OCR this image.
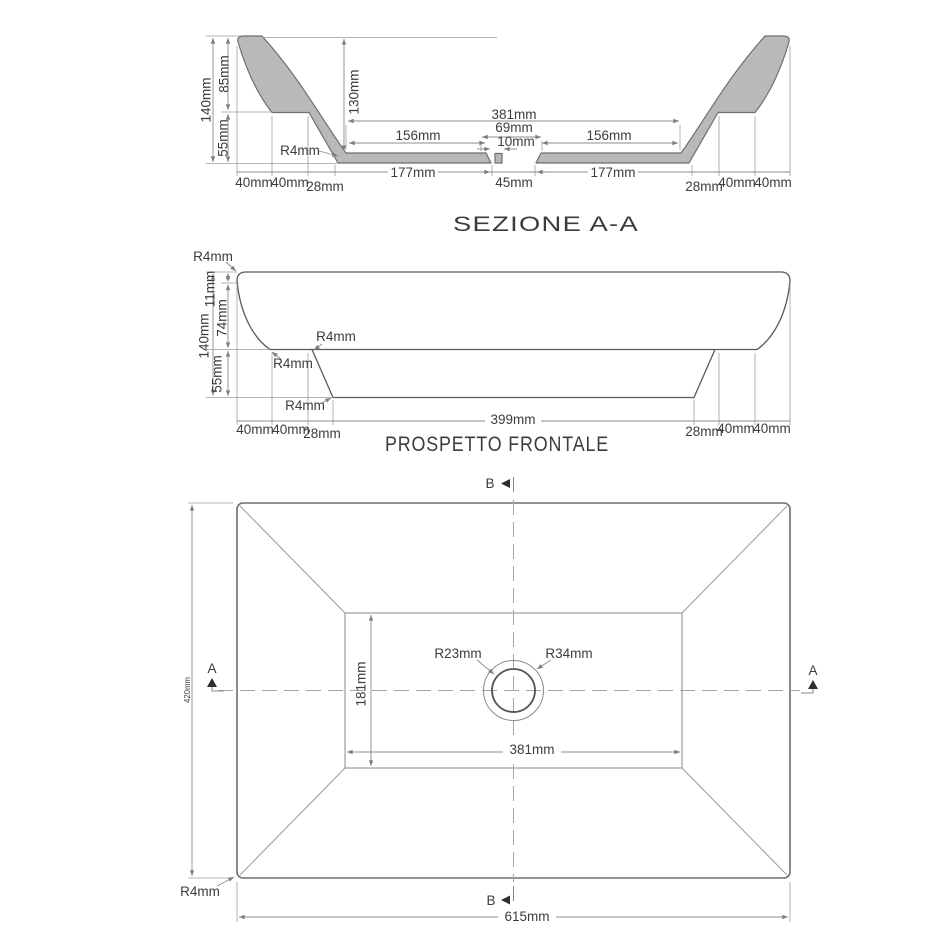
140mm
85mm
55mm
130mm
R4mm
156mm	156mm
381mm
69mm
10mm
45mm
177mm	177mm
40mm
40mm
28mm	28mm
40mm
40mm
SEZIONE A-A
140mm
11mm
74mm
55mm
R4mm
R4mm
R4mm
R4mm
399mm
40mm
40mm
28mm	28mm
40mm
40mm
PROSPETTO FRONTALE
420mm	181mm
381mm
615mm
R23mm	R34mm
R4mm
A	A
B
B
